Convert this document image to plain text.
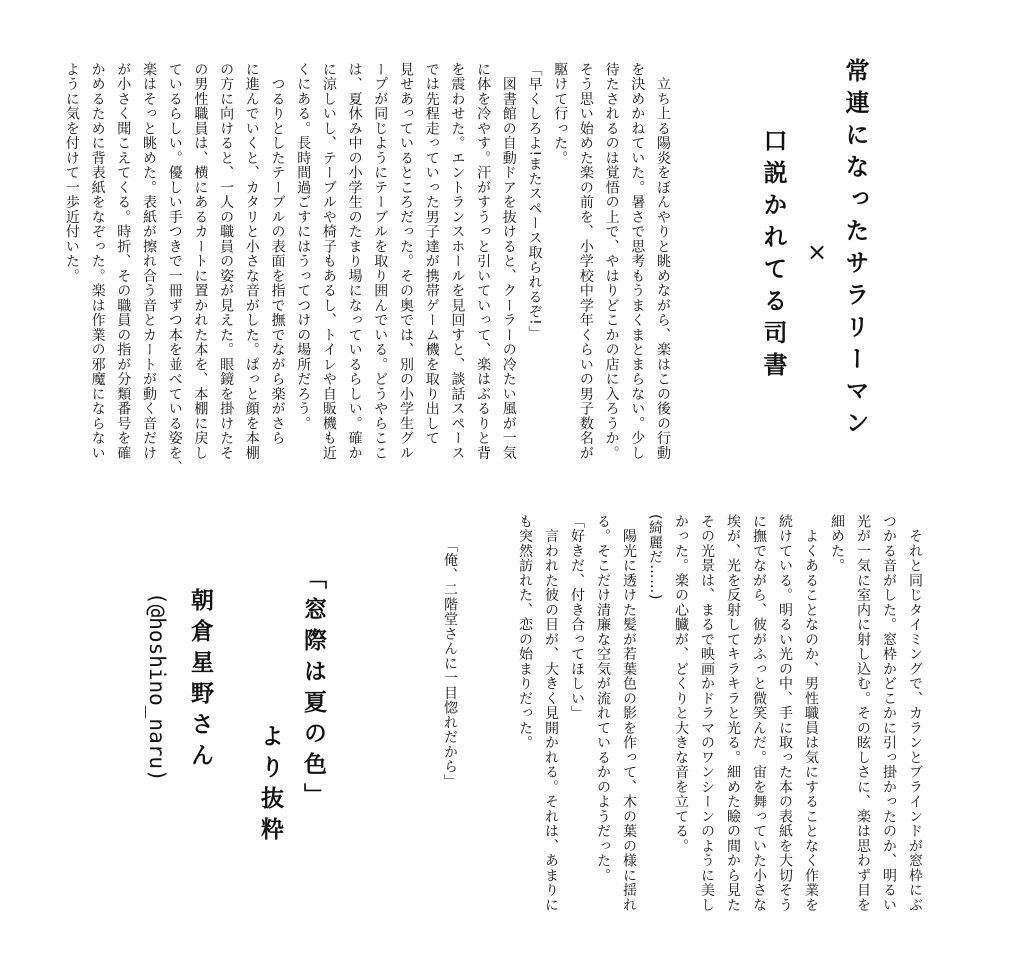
常連になったサラリーマン
×
口説かれてる司書
　立ち上る陽炎をぼんやりと眺めながら、楽はこの後の行動
を決めかねていた。暑さで思考もうまくまとまらない。少し
待たされるのは覚悟の上で、やはりどこかの店に入ろうか。
そう思い始めた楽の前を、小学校中学年くらいの男子数名が
駆けて行った。
「早くしろよ!またスペース取られるぞ!」
　図書館の自動ドアを抜けると、クーラーの冷たい風が一気
に体を冷やす。汗がすうっと引いていって、楽はぶるりと背
を震わせた。エントランスホールを見回すと、談話スペース
では先程走っていった男子達が携帯ゲーム機を取り出して
見せあっているところだった。その奥では、別の小学生グル
ープが同じようにテーブルを取り囲んでいる。どうやらここ
は、夏休み中の小学生のたまり場になっているらしい。確か
に涼しいし、テーブルや椅子もあるし、トイレや自販機も近
くにある。長時間過ごすにはうってつけの場所だろう。
　つるりとしたテーブルの表面を指で撫でながら楽がさら
に進んでいくと、カタリと小さな音がした。ぱっと顔を本棚
の方に向けると、一人の職員の姿が見えた。眼鏡を掛けたそ
の男性職員は、横にあるカートに置かれた本を、本棚に戻し
ているらしい。優しい手つきで一冊ずつ本を並べている姿を、
楽はそっと眺めた。表紙が擦れ合う音とカートが動く音だけ
が小さく聞こえてくる。時折、その職員の指が分類番号を確
かめるために背表紙をなぞった。楽は作業の邪魔にならない
ように気を付けて一歩近付いた。
　それと同じタイミングで、カランとブラインドが窓枠にぶ
つかる音がした。窓枠かどこかに引っ掛かったのか、明るい
光が一気に室内に射し込む。その眩しさに、楽は思わず目を
細めた。
　よくあることなのか、男性職員は気にすることなく作業を
続けている。明るい光の中、手に取った本の表紙を大切そう
に撫でながら、彼がふっと微笑んだ。宙を舞っていた小さな
埃が、光を反射してキラキラと光る。細めた瞼の間から見た
その光景は、まるで映画かドラマのワンシーンのように美し
かった。楽の心臓が、どくりと大きな音を立てる。
(綺麗だ……)
　陽光に透けた髪が若葉色の影を作って、木の葉の様に揺れ
る。そこだけ清廉な空気が流れているかのようだった。
「好きだ、付き合ってほしい」
　言われた彼の目が、大きく見開かれる。それは、あまりに
も突然訪れた、恋の始まりだった。
「俺、二階堂さんに一目惚れだから」
「窓際は夏の色」
より抜粋
朝倉星野さん
(@hoshino_naru)
